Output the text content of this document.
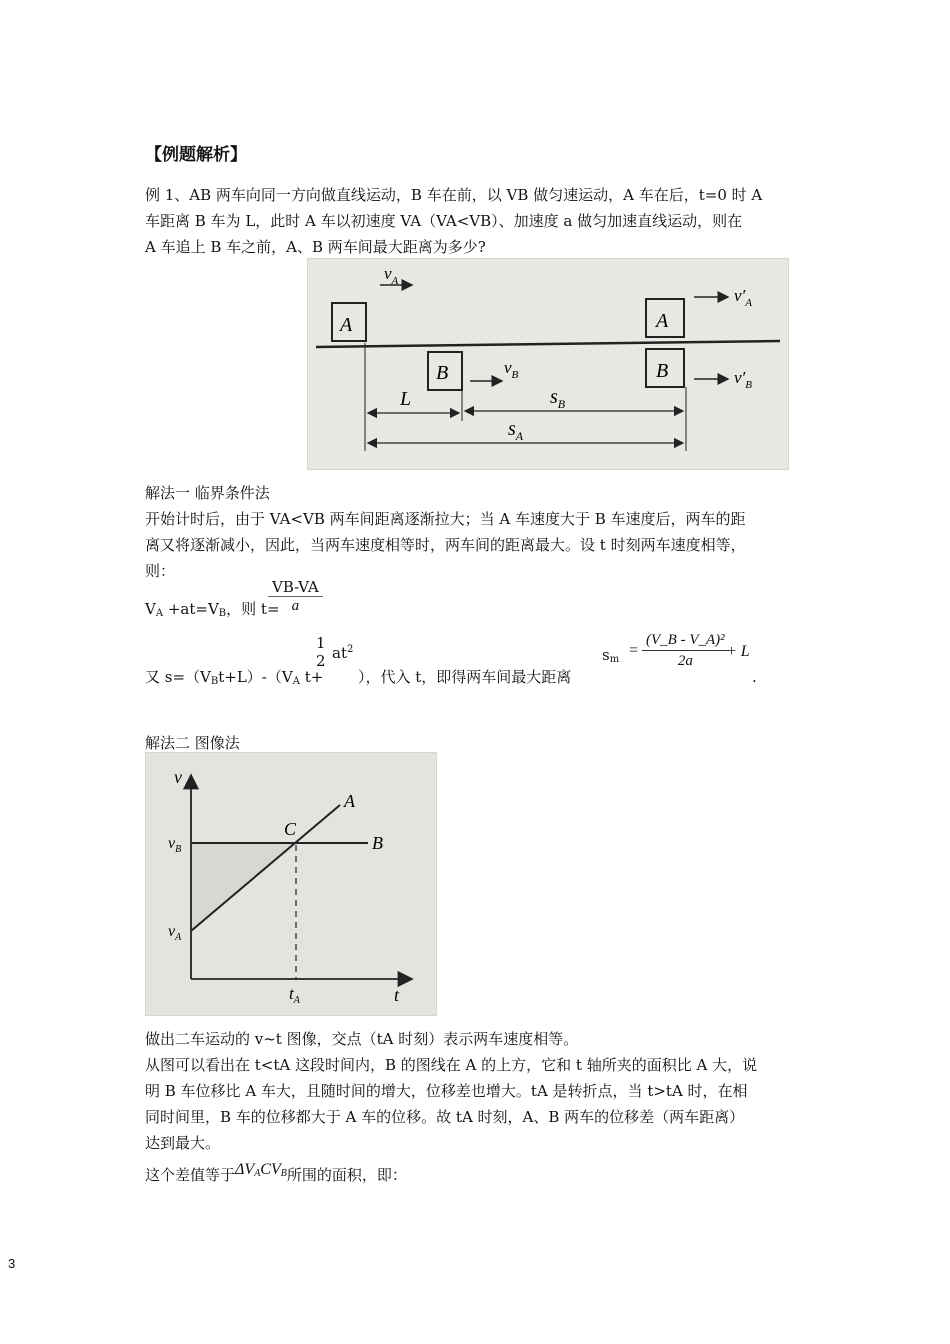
【例题解析】
例 1、AB 两车向同一方向做直线运动，B 车在前，以 VB 做匀速运动，A 车在后，t=0 时 A
车距离 B 车为 L，此时 A 车以初速度 VA（VA<VB）、加速度 a 做匀加速直线运动，则在
A 车追上 B 车之前，A、B 两车间最大距离为多少?
A
$v_A$
B	$v_B$
A
$v'_A$
B	$v'_B$
L	$s_B$
$s_A$
解法一 临界条件法
开始计时后，由于 VA<VB 两车间距离逐渐拉大；当 A 车速度大于 B 车速度后，两车的距
离又将逐渐减小，因此，当两车速度相等时，两车间的距离最大。设 t 时刻两车速度相等，
则：
$V_A +at=V_B$，则 t=
$\frac{VB-VA}{a}$
又 $s=(V_Bt+L)-(V_A$ t+
1
2 $at^2$
），代入 t，即得两车间最大距离
$s_m$
= $\frac{\text{(V\_B - V\_A)²}}{2a}$
+ L
.
解法二 图像法
v
t
B
A
C
$v_B$
$v_A$
$t_A$
做出二车运动的 v~t 图像，交点（tA 时刻）表示两车速度相等。
从图可以看出在 t<tA 这段时间内，B 的图线在 A 的上方，它和 t 轴所夹的面积比 A 大，说
明 B 车位移比 A 车大，且随时间的增大，位移差也增大。tA 是转折点，当 t>tA 时，在相
同时间里，B 车的位移都大于 A 车的位移。故 tA 时刻，A、B 两车的位移差（两车距离）
达到最大。
这个差值等于$\Delta V_ACV_B$所围的面积，即：
3
